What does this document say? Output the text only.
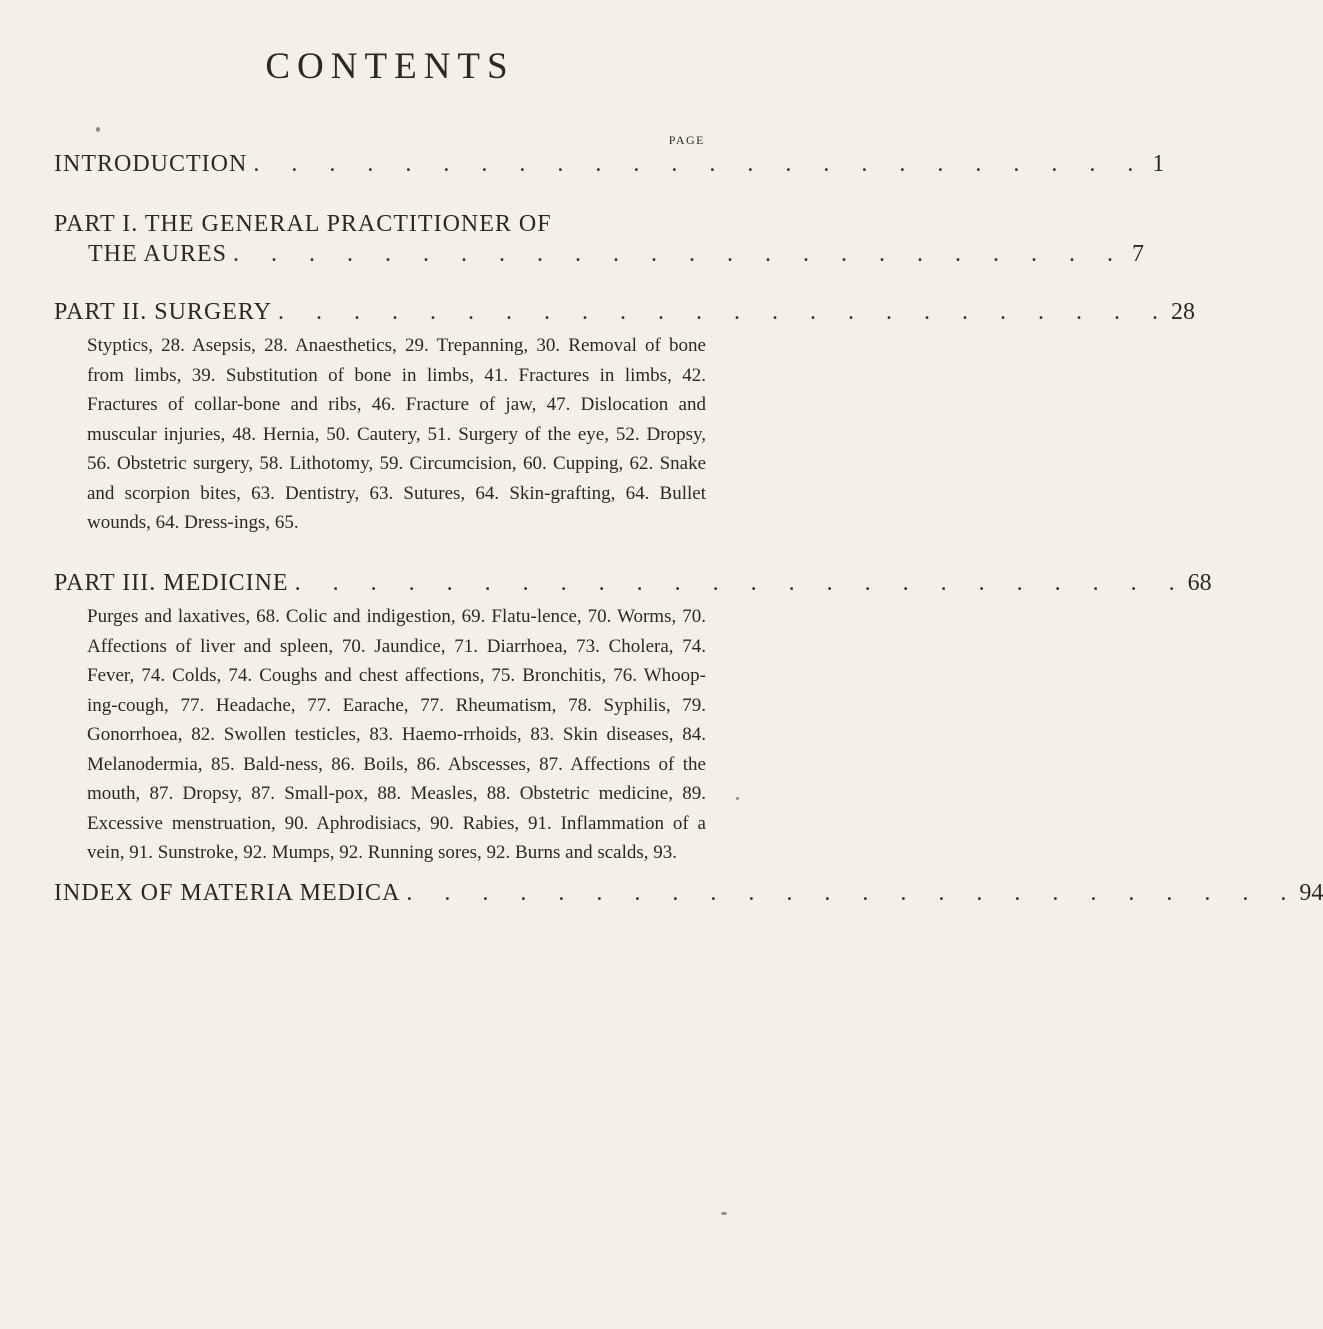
CONTENTS
PAGE
INTRODUCTION . . . . . . . . . . . . . . . . . . . . . . . . 1
PART I. THE GENERAL PRACTITIONER OF
THE AURES . . . . . . . . . . . . . . . . . . . . . . . . 7
PART II. SURGERY . . . . . . . . . . . . . . . . . . . . . . . . 28
Styptics, 28. Asepsis, 28. Anaesthetics, 29. Trepanning, 30. Removal of bone from limbs, 39. Substitution of bone in limbs, 41. Fractures in limbs, 42. Fractures of collar-bone and ribs, 46. Fracture of jaw, 47. Dislocation and muscular injuries, 48. Hernia, 50. Cautery, 51. Surgery of the eye, 52. Dropsy, 56. Obstetric surgery, 58. Lithotomy, 59. Circumcision, 60. Cupping, 62. Snake and scorpion bites, 63. Dentistry, 63. Sutures, 64. Skin-grafting, 64. Bullet wounds, 64. Dress-ings, 65.
PART III. MEDICINE . . . . . . . . . . . . . . . . . . . . . . . . 68
Purges and laxatives, 68. Colic and indigestion, 69. Flatu-lence, 70. Worms, 70. Affections of liver and spleen, 70. Jaundice, 71. Diarrhoea, 73. Cholera, 74. Fever, 74. Colds, 74. Coughs and chest affections, 75. Bronchitis, 76. Whoop-ing-cough, 77. Headache, 77. Earache, 77. Rheumatism, 78. Syphilis, 79. Gonorrhoea, 82. Swollen testicles, 83. Haemo-rrhoids, 83. Skin diseases, 84. Melanodermia, 85. Bald-ness, 86. Boils, 86. Abscesses, 87. Affections of the mouth, 87. Dropsy, 87. Small-pox, 88. Measles, 88. Obstetric medicine, 89. Excessive menstruation, 90. Aphrodisiacs, 90. Rabies, 91. Inflammation of a vein, 91. Sunstroke, 92. Mumps, 92. Running sores, 92. Burns and scalds, 93.
INDEX OF MATERIA MEDICA . . . . . . . . . . . . . . . . . . . . . . . . 94
